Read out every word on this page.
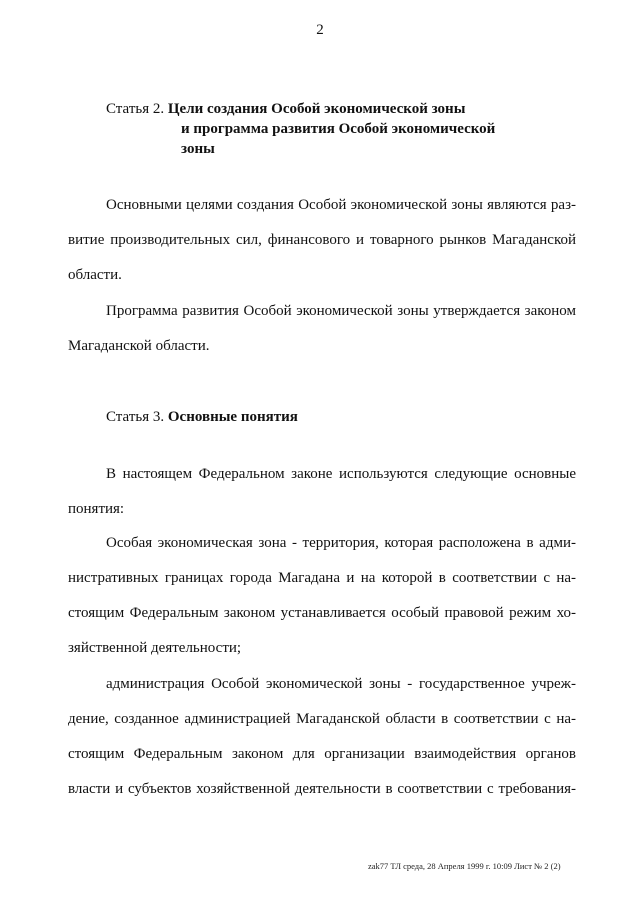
2
Статья 2. Цели создания Особой экономической зоны
и программа развития Особой экономической
зоны

Основными целями создания Особой экономической зоны являются раз-
витие производительных сил, финансового и товарного рынков Магаданской
области.

Программа развития Особой экономической зоны утверждается законом
Магаданской области.

Статья 3. Основные понятия

В настоящем Федеральном законе используются следующие основные
понятия:

Особая экономическая зона - территория, которая расположена в адми-
нистративных границах города Магадана и на которой в соответствии с на-
стоящим Федеральным законом устанавливается особый правовой режим хо-
зяйственной деятельности;

администрация Особой экономической зоны - государственное учреж-
дение, созданное администрацией Магаданской области в соответствии с на-
стоящим Федеральным законом для организации взаимодействия органов
власти и субъектов хозяйственной деятельности в соответствии с требования-

zak77 ТЛ среда, 28 Апреля 1999 г. 10:09 Лист № 2 (2)
